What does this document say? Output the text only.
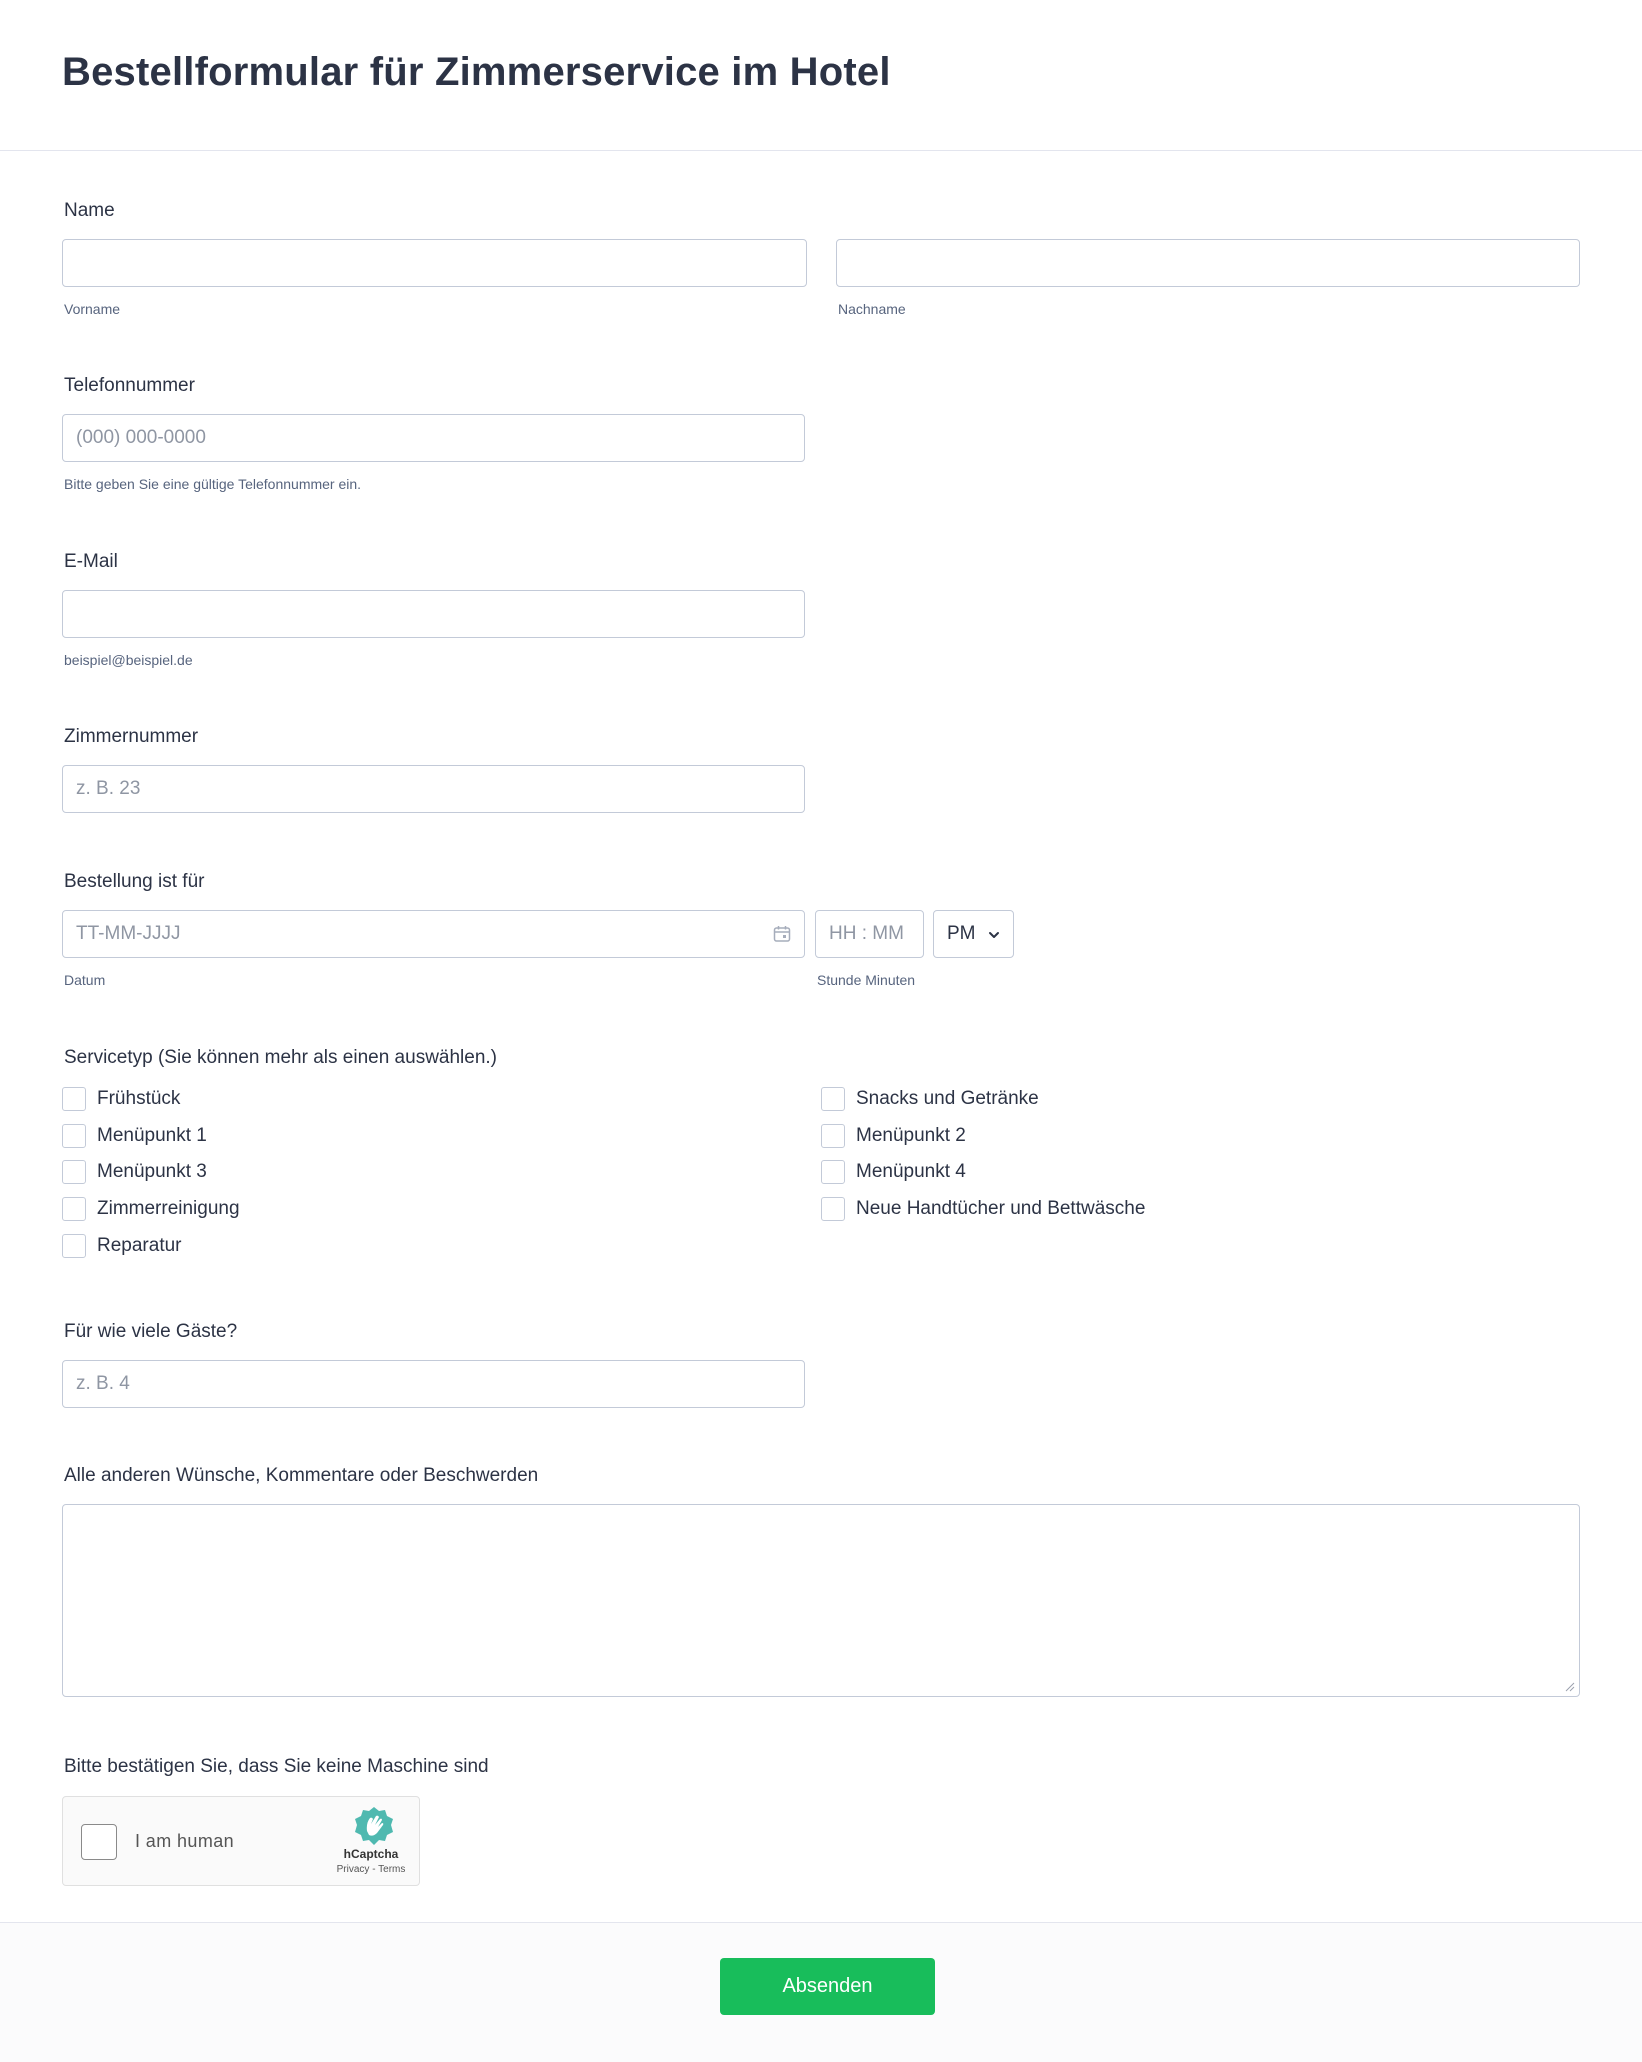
Bestellformular für Zimmerservice im Hotel
Name
Vorname	Nachname
Telefonnummer
(000) 000-0000
Bitte geben Sie eine gültige Telefonnummer ein.
E-Mail
beispiel@beispiel.de
Zimmernummer
z. B. 23
Bestellung ist für
TT-MM-JJJJ
HH : MM
PM
Datum	Stunde Minuten
Servicetyp (Sie können mehr als einen auswählen.)
Frühstück
Menüpunkt 1
Menüpunkt 3
Zimmerreinigung
Reparatur
Snacks und Getränke
Menüpunkt 2
Menüpunkt 4
Neue Handtücher und Bettwäsche
Für wie viele Gäste?
z. B. 4
Alle anderen Wünsche, Kommentare oder Beschwerden
Bitte bestätigen Sie, dass Sie keine Maschine sind
I am human
hCaptcha
Privacy - Terms
Absenden
